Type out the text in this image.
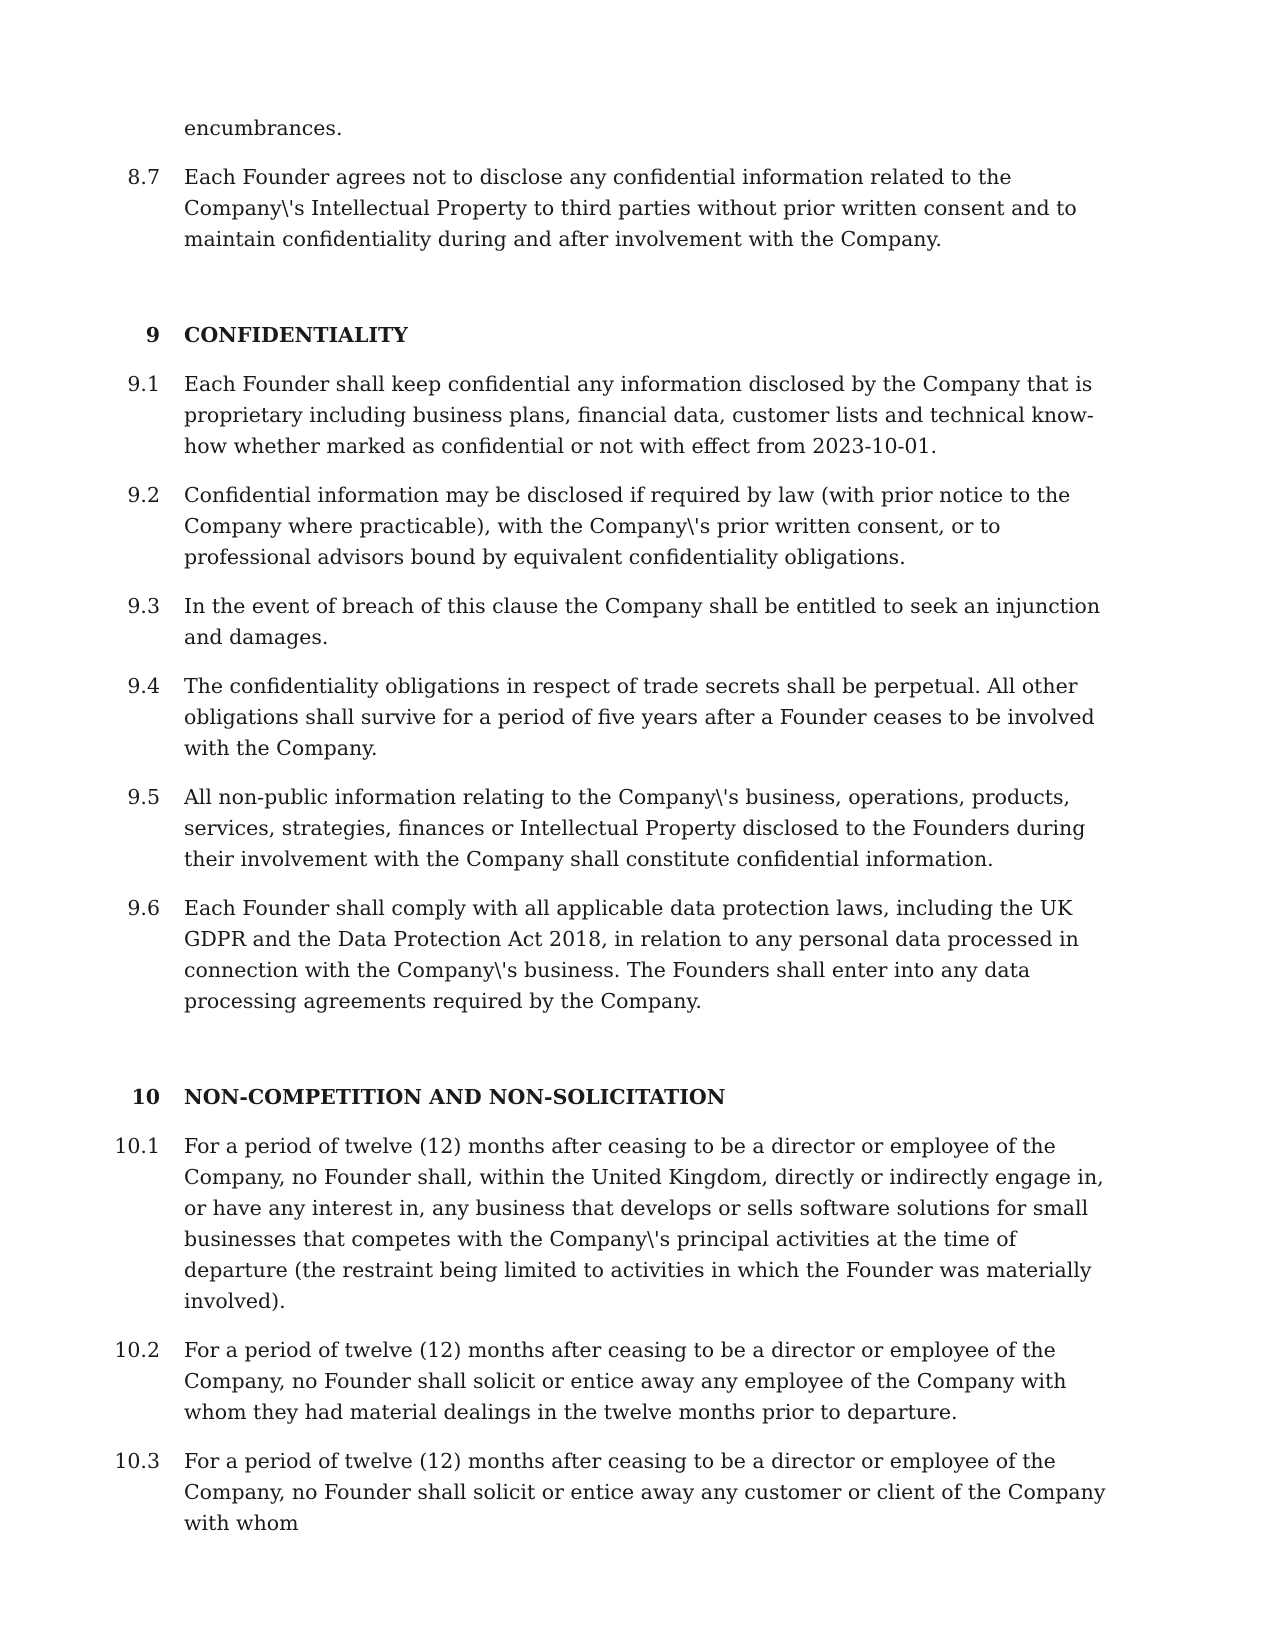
encumbrances.
8.7	Each Founder agrees not to disclose any confidential information related to the Company\'s Intellectual Property to third parties without prior written consent and to maintain confidentiality during and after involvement with the Company.
9	CONFIDENTIALITY
9.1	Each Founder shall keep confidential any information disclosed by the Company that is proprietary including business plans, financial data, customer lists and technical know-how whether marked as confidential or not with effect from 2023-10-01.
9.2	Confidential information may be disclosed if required by law (with prior notice to the Company where practicable), with the Company\'s prior written consent, or to professional advisors bound by equivalent confidentiality obligations.
9.3	In the event of breach of this clause the Company shall be entitled to seek an injunction and damages.
9.4	The confidentiality obligations in respect of trade secrets shall be perpetual. All other obligations shall survive for a period of five years after a Founder ceases to be involved with the Company.
9.5	All non-public information relating to the Company\'s business, operations, products, services, strategies, finances or Intellectual Property disclosed to the Founders during their involvement with the Company shall constitute confidential information.
9.6	Each Founder shall comply with all applicable data protection laws, including the UK GDPR and the Data Protection Act 2018, in relation to any personal data processed in connection with the Company\'s business. The Founders shall enter into any data processing agreements required by the Company.
10	NON-COMPETITION AND NON-SOLICITATION
10.1	For a period of twelve (12) months after ceasing to be a director or employee of the Company, no Founder shall, within the United Kingdom, directly or indirectly engage in, or have any interest in, any business that develops or sells software solutions for small businesses that competes with the Company\'s principal activities at the time of departure (the restraint being limited to activities in which the Founder was materially involved).
10.2	For a period of twelve (12) months after ceasing to be a director or employee of the Company, no Founder shall solicit or entice away any employee of the Company with whom they had material dealings in the twelve months prior to departure.
10.3	For a period of twelve (12) months after ceasing to be a director or employee of the Company, no Founder shall solicit or entice away any customer or client of the Company with whom
